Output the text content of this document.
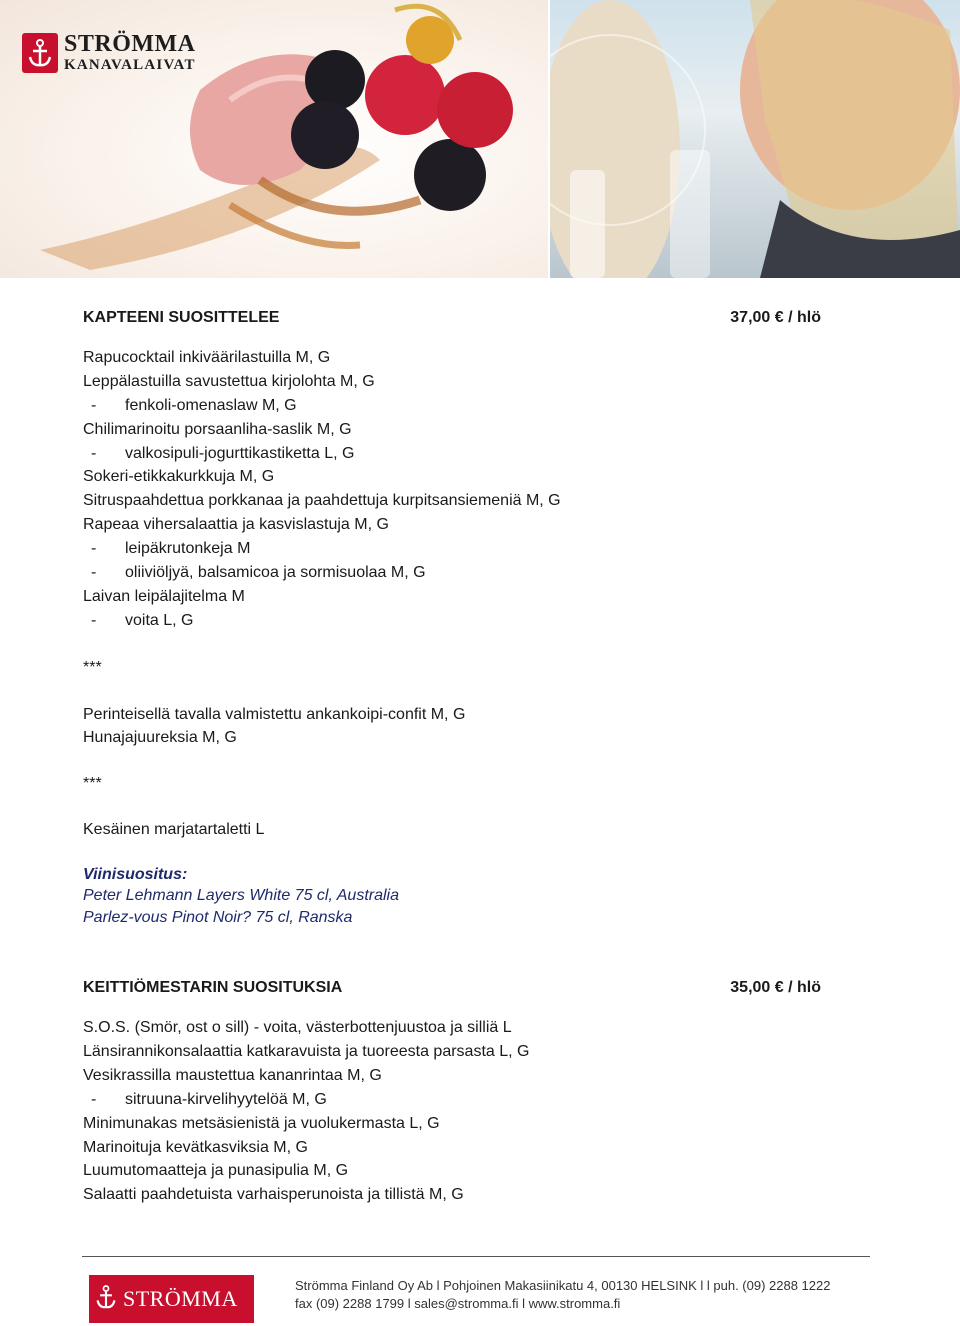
STRÖMMA
KANAVALAIVAT
KAPTEENI SUOSITTELEE	37,00 € / hlö
Rapucocktail inkiväärilastuilla M, G
Leppälastuilla savustettua kirjolohta M, G
- fenkoli-omenaslaw M, G
Chilimarinoitu porsaanliha-saslik M, G
- valkosipuli-jogurttikastiketta L, G
Sokeri-etikkakurkkuja M, G
Sitruspaahdettua porkkanaa ja paahdettuja kurpitsansiemeniä M, G
Rapeaa vihersalaattia ja kasvislastuja M, G
- leipäkrutonkeja M
- oliiviöljyä, balsamicoa ja sormisuolaa M, G
Laivan leipälajitelma M
- voita L, G
***
Perinteisellä tavalla valmistettu ankankoipi-confit M, G
Hunajajuureksia M, G
***
Kesäinen marjatartaletti L
Viinisuositus:
Peter Lehmann Layers White 75 cl, Australia
Parlez-vous Pinot Noir? 75 cl, Ranska
KEITTIÖMESTARIN SUOSITUKSIA	35,00 € / hlö
S.O.S. (Smör, ost o sill) - voita, västerbottenjuustoa ja silliä L
Länsirannikonsalaattia katkaravuista ja tuoreesta parsasta L, G
Vesikrassilla maustettua kananrintaa M, G
- sitruuna-kirvelihyytelöä M, G
Minimunakas metsäsienistä ja vuolukermasta L, G
Marinoituja kevätkasviksia M, G
Luumutomaatteja ja punasipulia M, G
Salaatti paahdetuista varhaisperunoista ja tillistä M, G
STRÖMMA
Strömma Finland Oy Ab l Pohjoinen Makasiinikatu 4, 00130 HELSINK l l puh. (09) 2288 1222
fax (09) 2288 1799 l sales@stromma.fi l www.stromma.fi
